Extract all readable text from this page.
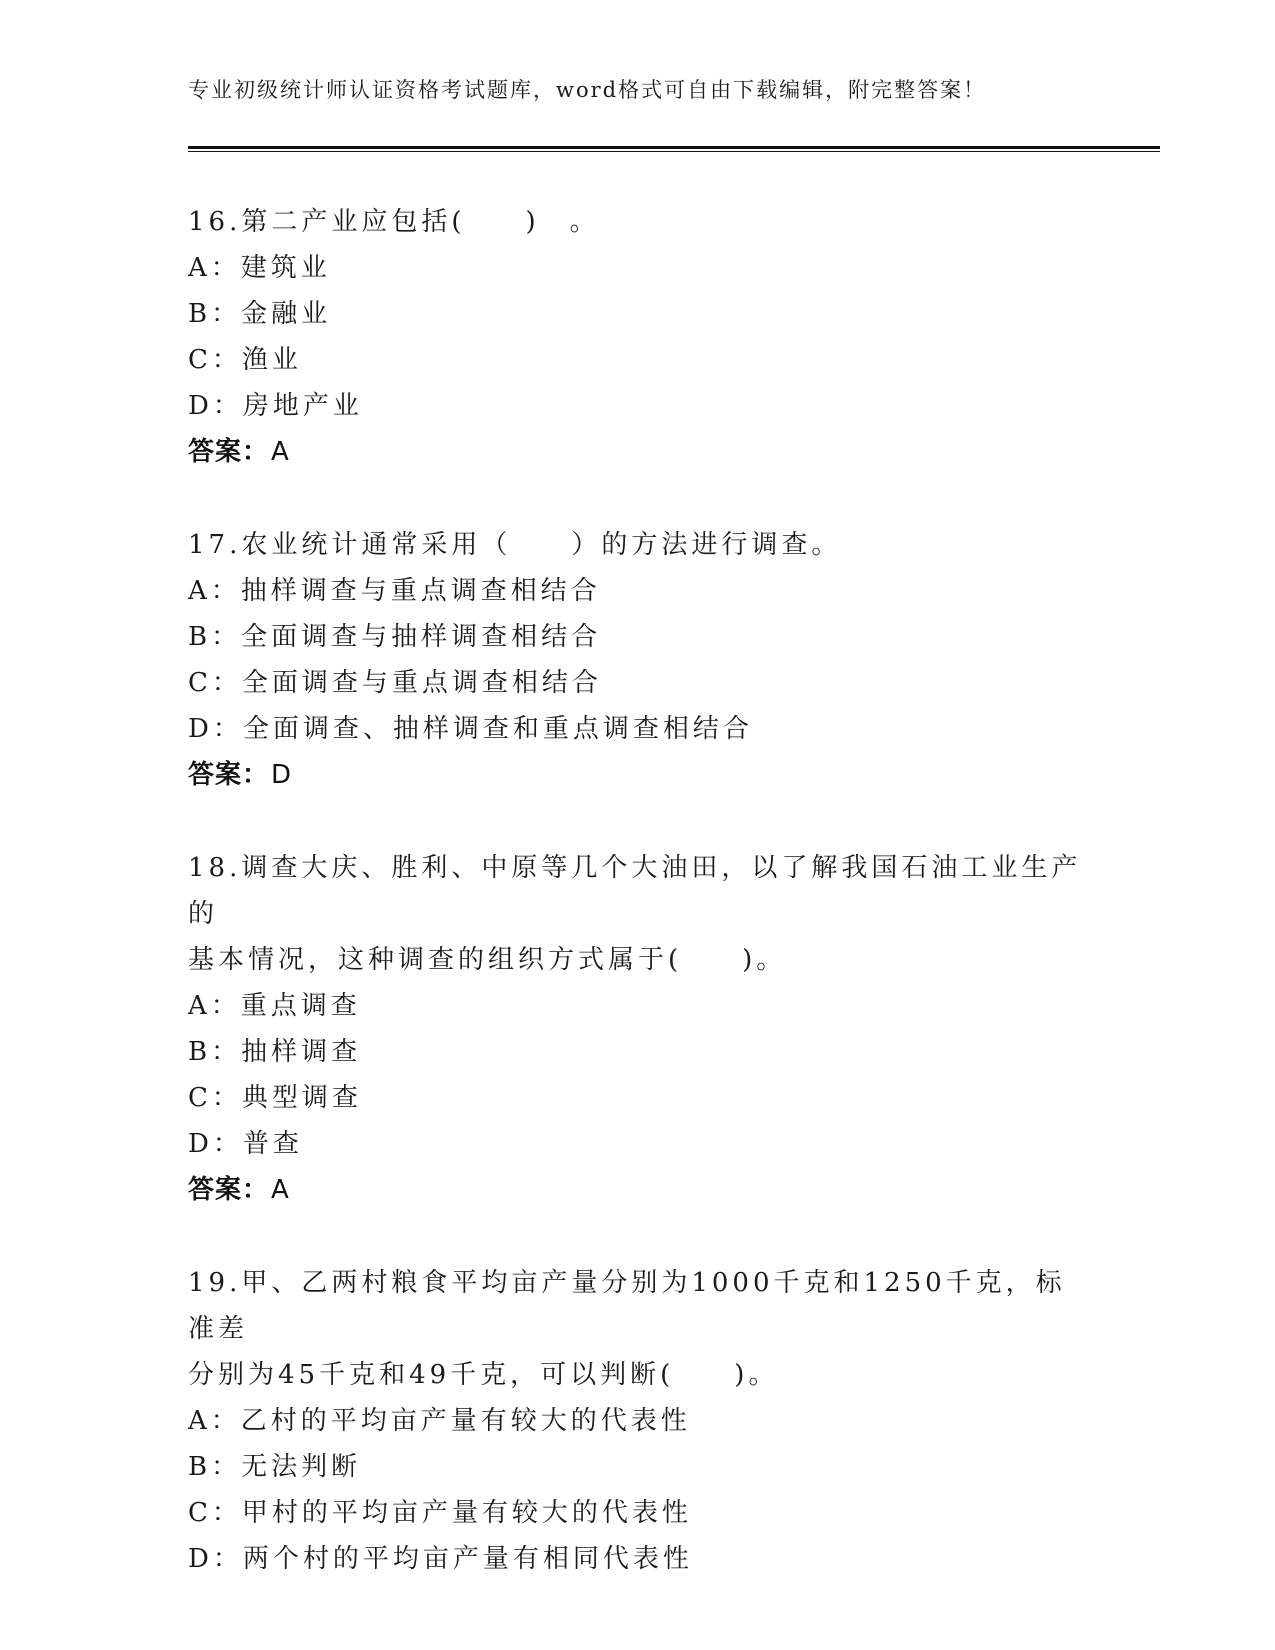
专业初级统计师认证资格考试题库，word格式可自由下载编辑，附完整答案！
16.第二产业应包括(　　)　。
A：建筑业
B：金融业
C：渔业
D：房地产业
答案：A
17.农业统计通常采用（　　）的方法进行调查。
A：抽样调查与重点调查相结合
B：全面调查与抽样调查相结合
C：全面调查与重点调查相结合
D：全面调查、抽样调查和重点调查相结合
答案：D
18.调查大庆、胜利、中原等几个大油田，以了解我国石油工业生产的
基本情况，这种调查的组织方式属于(　　)。
A：重点调查
B：抽样调查
C：典型调查
D：普查
答案：A
19.甲、乙两村粮食平均亩产量分别为1000千克和1250千克，标准差
分别为45千克和49千克，可以判断(　　)。
A：乙村的平均亩产量有较大的代表性
B：无法判断
C：甲村的平均亩产量有较大的代表性
D：两个村的平均亩产量有相同代表性
